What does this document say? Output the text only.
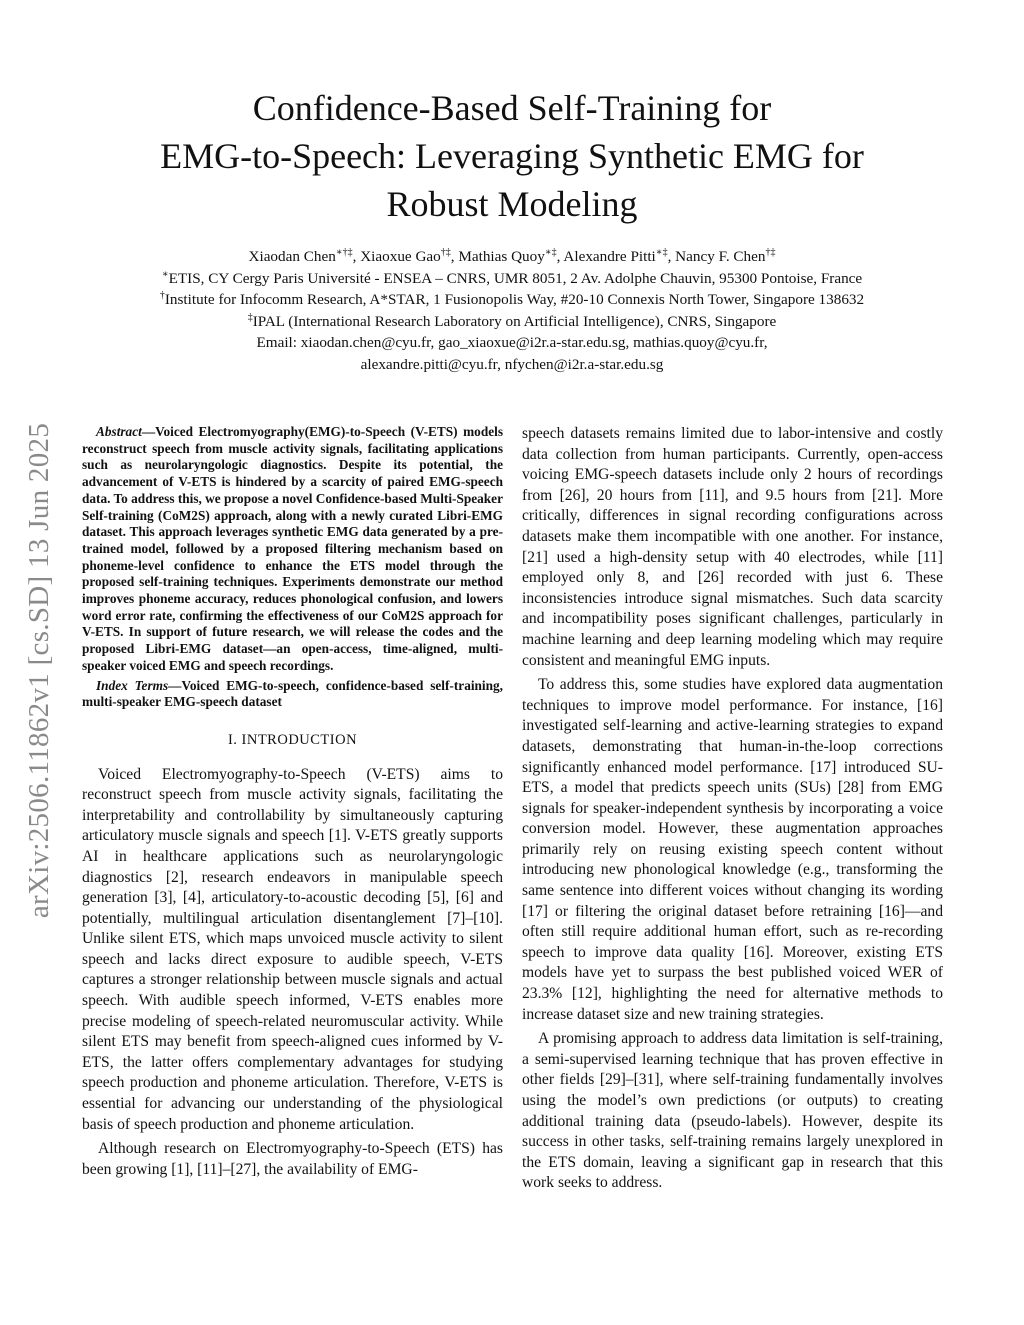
arXiv:2506.11862v1 [cs.SD] 13 Jun 2025
Confidence-Based Self-Training for
EMG-to-Speech: Leveraging Synthetic EMG for
Robust Modeling
Xiaodan Chen∗†‡, Xiaoxue Gao†‡, Mathias Quoy∗‡, Alexandre Pitti∗‡, Nancy F. Chen†‡
∗ETIS, CY Cergy Paris Université - ENSEA – CNRS, UMR 8051, 2 Av. Adolphe Chauvin, 95300 Pontoise, France
†Institute for Infocomm Research, A*STAR, 1 Fusionopolis Way, #20-10 Connexis North Tower, Singapore 138632
‡IPAL (International Research Laboratory on Artificial Intelligence), CNRS, Singapore
Email: xiaodan.chen@cyu.fr, gao_xiaoxue@i2r.a-star.edu.sg, mathias.quoy@cyu.fr,
alexandre.pitti@cyu.fr, nfychen@i2r.a-star.edu.sg

Abstract—Voiced Electromyography(EMG)-to-Speech (V-ETS) models reconstruct speech from muscle activity signals, facilitating applications such as neurolaryngologic diagnostics. Despite its potential, the advancement of V-ETS is hindered by a scarcity of paired EMG-speech data. To address this, we propose a novel Confidence-based Multi-Speaker Self-training (CoM2S) approach, along with a newly curated Libri-EMG dataset. This approach leverages synthetic EMG data generated by a pre-trained model, followed by a proposed filtering mechanism based on phoneme-level confidence to enhance the ETS model through the proposed self-training techniques. Experiments demonstrate our method improves phoneme accuracy, reduces phonological confusion, and lowers word error rate, confirming the effectiveness of our CoM2S approach for V-ETS. In support of future research, we will release the codes and the proposed Libri-EMG dataset—an open-access, time-aligned, multi-speaker voiced EMG and speech recordings.

Index Terms—Voiced EMG-to-speech, confidence-based self-training, multi-speaker EMG-speech dataset

I. INTRODUCTION

Voiced Electromyography-to-Speech (V-ETS) aims to reconstruct speech from muscle activity signals, facilitating the interpretability and controllability by simultaneously capturing articulatory muscle signals and speech [1]. V-ETS greatly supports AI in healthcare applications such as neurolaryngologic diagnostics [2], research endeavors in manipulable speech generation [3], [4], articulatory-to-acoustic decoding [5], [6] and potentially, multilingual articulation disentanglement [7]–[10]. Unlike silent ETS, which maps unvoiced muscle activity to silent speech and lacks direct exposure to audible speech, V-ETS captures a stronger relationship between muscle signals and actual speech. With audible speech informed, V-ETS enables more precise modeling of speech-related neuromuscular activity. While silent ETS may benefit from speech-aligned cues informed by V-ETS, the latter offers complementary advantages for studying speech production and phoneme articulation. Therefore, V-ETS is essential for advancing our understanding of the physiological basis of speech production and phoneme articulation.

Although research on Electromyography-to-Speech (ETS) has been growing [1], [11]–[27], the availability of EMG-

speech datasets remains limited due to labor-intensive and costly data collection from human participants. Currently, open-access voicing EMG-speech datasets include only 2 hours of recordings from [26], 20 hours from [11], and 9.5 hours from [21]. More critically, differences in signal recording configurations across datasets make them incompatible with one another. For instance, [21] used a high-density setup with 40 electrodes, while [11] employed only 8, and [26] recorded with just 6. These inconsistencies introduce signal mismatches. Such data scarcity and incompatibility poses significant challenges, particularly in machine learning and deep learning modeling which may require consistent and meaningful EMG inputs.

To address this, some studies have explored data augmentation techniques to improve model performance. For instance, [16] investigated self-learning and active-learning strategies to expand datasets, demonstrating that human-in-the-loop corrections significantly enhanced model performance. [17] introduced SU-ETS, a model that predicts speech units (SUs) [28] from EMG signals for speaker-independent synthesis by incorporating a voice conversion model. However, these augmentation approaches primarily rely on reusing existing speech content without introducing new phonological knowledge (e.g., transforming the same sentence into different voices without changing its wording [17] or filtering the original dataset before retraining [16]—and often still require additional human effort, such as re-recording speech to improve data quality [16]. Moreover, existing ETS models have yet to surpass the best published voiced WER of 23.3% [12], highlighting the need for alternative methods to increase dataset size and new training strategies.

A promising approach to address data limitation is self-training, a semi-supervised learning technique that has proven effective in other fields [29]–[31], where self-training fundamentally involves using the model’s own predictions (or outputs) to creating additional training data (pseudo-labels). However, despite its success in other tasks, self-training remains largely unexplored in the ETS domain, leaving a significant gap in research that this work seeks to address.
